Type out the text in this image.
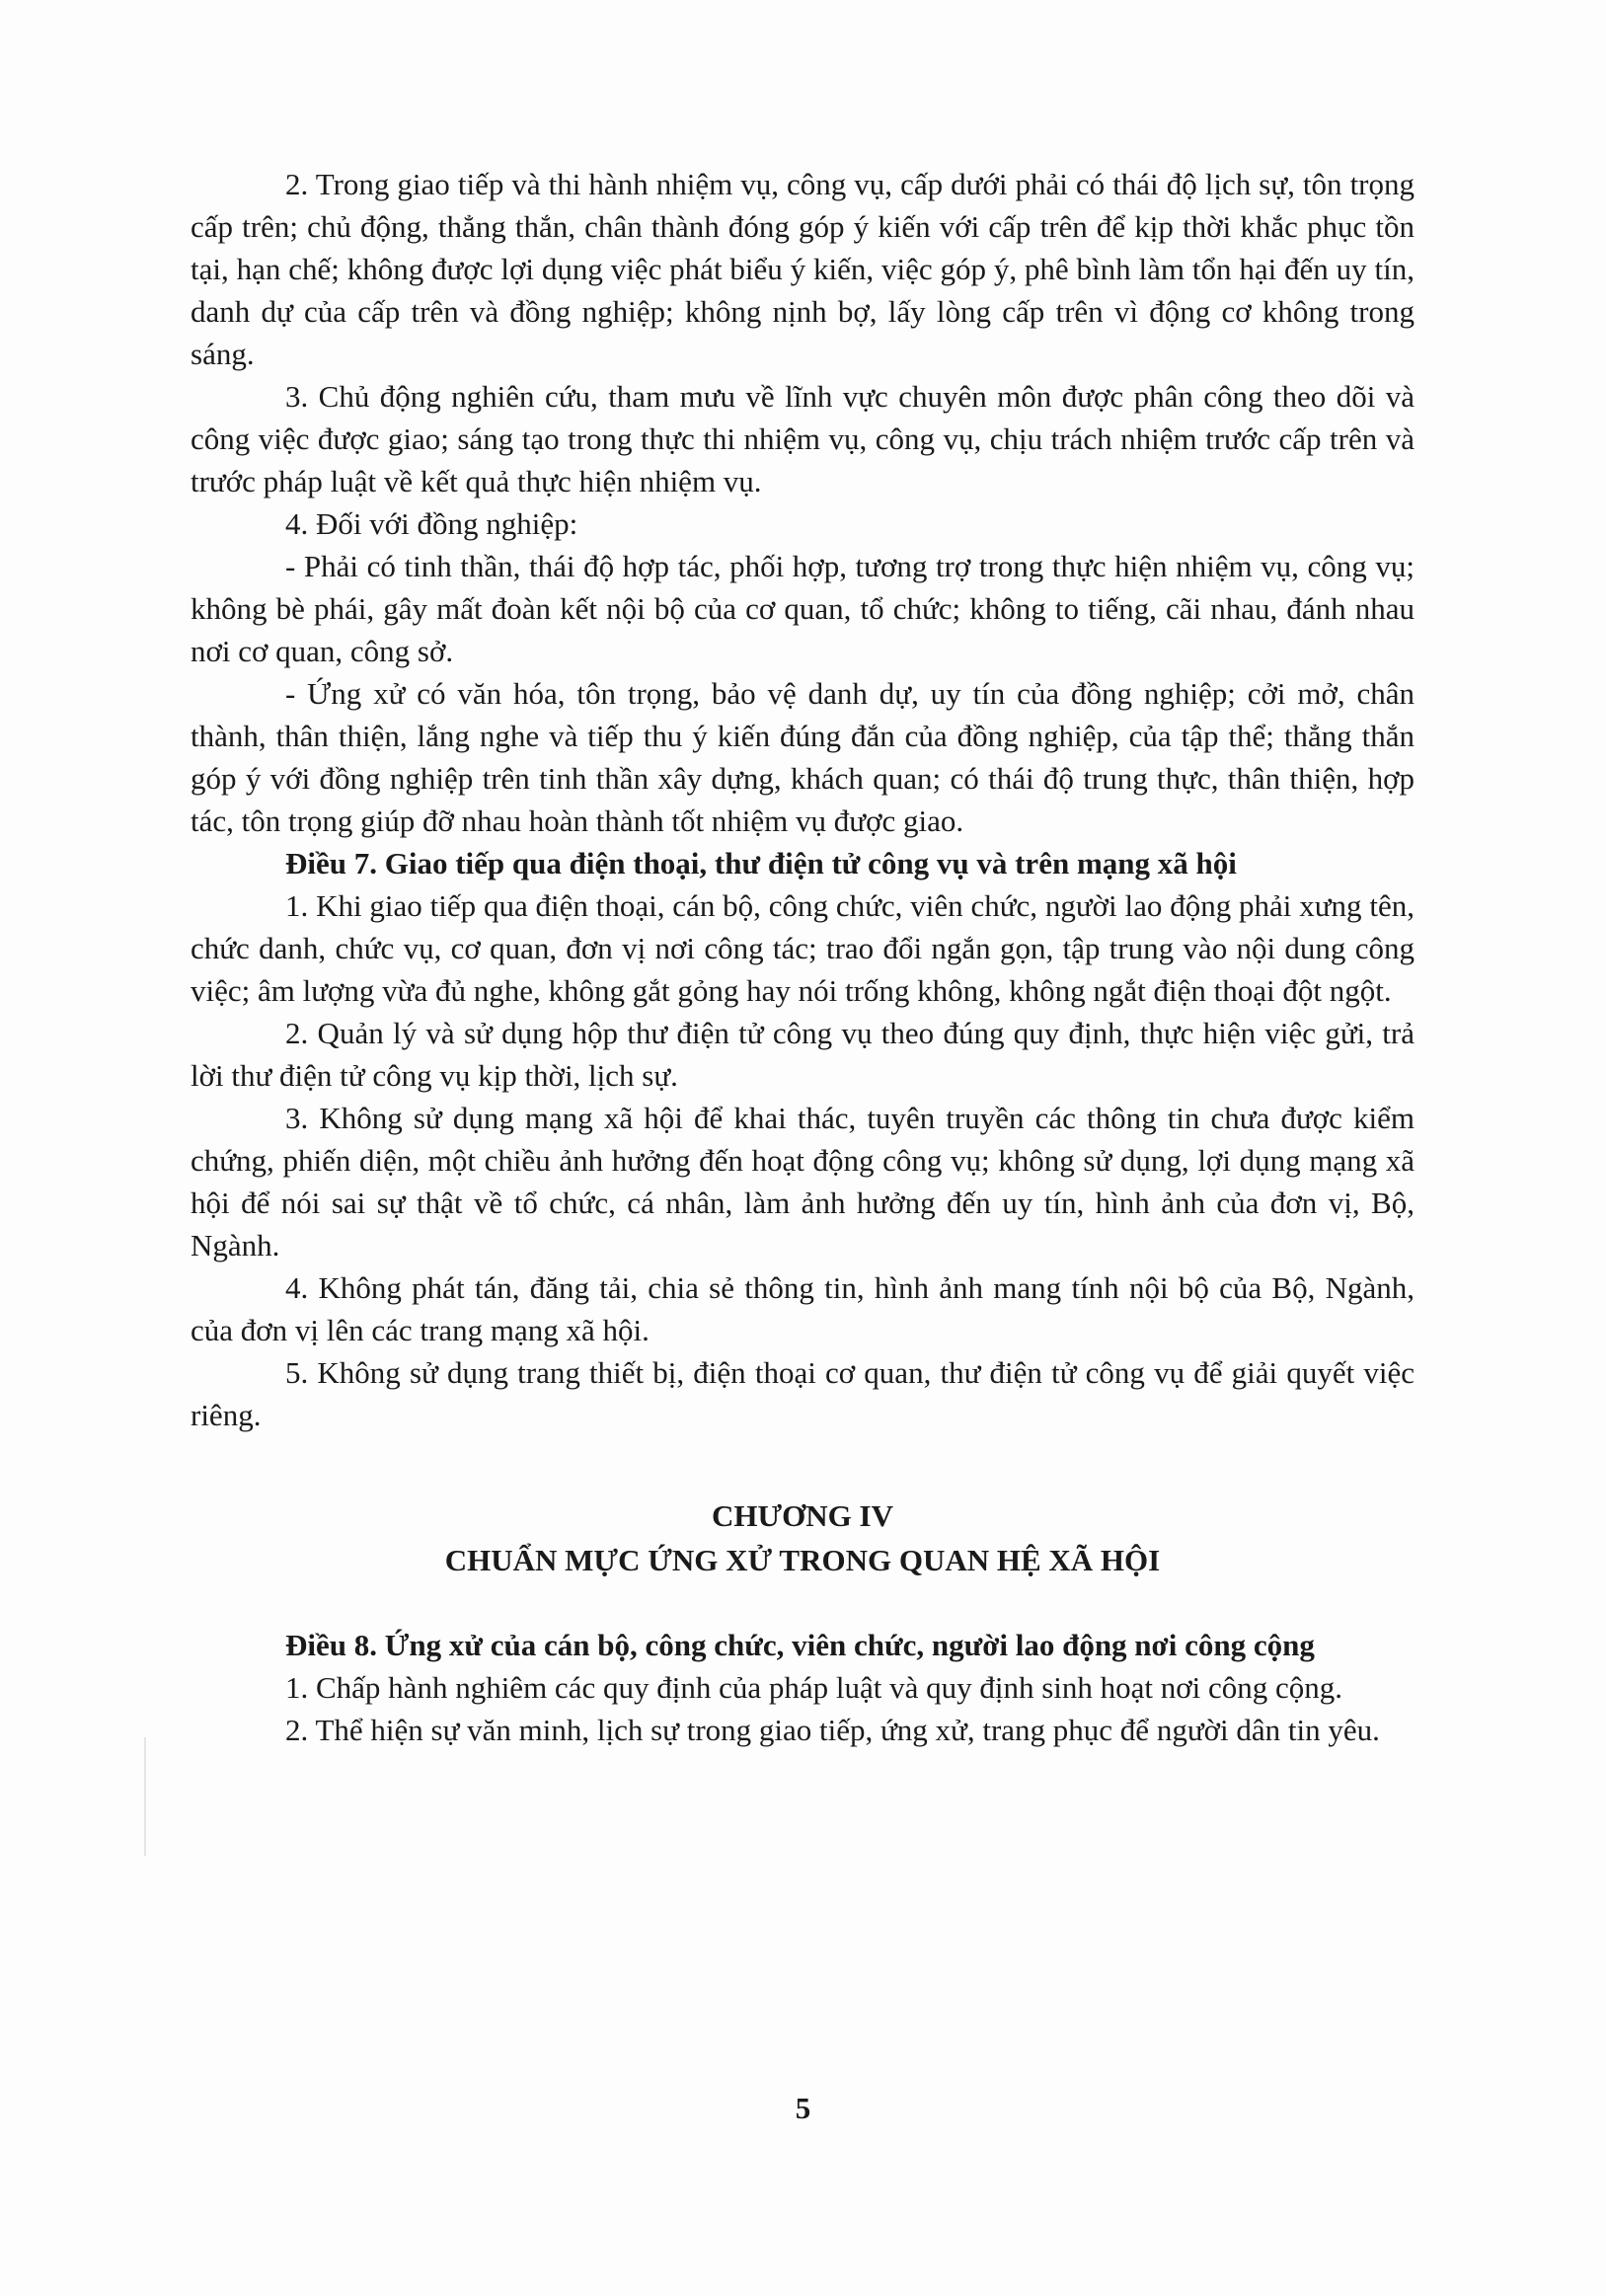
2. Trong giao tiếp và thi hành nhiệm vụ, công vụ, cấp dưới phải có thái độ lịch sự, tôn trọng cấp trên; chủ động, thẳng thắn, chân thành đóng góp ý kiến với cấp trên để kịp thời khắc phục tồn tại, hạn chế; không được lợi dụng việc phát biểu ý kiến, việc góp ý, phê bình làm tổn hại đến uy tín, danh dự của cấp trên và đồng nghiệp; không nịnh bợ, lấy lòng cấp trên vì động cơ không trong sáng.

3. Chủ động nghiên cứu, tham mưu về lĩnh vực chuyên môn được phân công theo dõi và công việc được giao; sáng tạo trong thực thi nhiệm vụ, công vụ, chịu trách nhiệm trước cấp trên và trước pháp luật về kết quả thực hiện nhiệm vụ.

4. Đối với đồng nghiệp:

- Phải có tinh thần, thái độ hợp tác, phối hợp, tương trợ trong thực hiện nhiệm vụ, công vụ; không bè phái, gây mất đoàn kết nội bộ của cơ quan, tổ chức; không to tiếng, cãi nhau, đánh nhau nơi cơ quan, công sở.

- Ứng xử có văn hóa, tôn trọng, bảo vệ danh dự, uy tín của đồng nghiệp; cởi mở, chân thành, thân thiện, lắng nghe và tiếp thu ý kiến đúng đắn của đồng nghiệp, của tập thể; thẳng thắn góp ý với đồng nghiệp trên tinh thần xây dựng, khách quan; có thái độ trung thực, thân thiện, hợp tác, tôn trọng giúp đỡ nhau hoàn thành tốt nhiệm vụ được giao.

Điều 7. Giao tiếp qua điện thoại, thư điện tử công vụ và trên mạng xã hội

1. Khi giao tiếp qua điện thoại, cán bộ, công chức, viên chức, người lao động phải xưng tên, chức danh, chức vụ, cơ quan, đơn vị nơi công tác; trao đổi ngắn gọn, tập trung vào nội dung công việc; âm lượng vừa đủ nghe, không gắt gỏng hay nói trống không, không ngắt điện thoại đột ngột.

2. Quản lý và sử dụng hộp thư điện tử công vụ theo đúng quy định, thực hiện việc gửi, trả lời thư điện tử công vụ kịp thời, lịch sự.

3. Không sử dụng mạng xã hội để khai thác, tuyên truyền các thông tin chưa được kiểm chứng, phiến diện, một chiều ảnh hưởng đến hoạt động công vụ; không sử dụng, lợi dụng mạng xã hội để nói sai sự thật về tổ chức, cá nhân, làm ảnh hưởng đến uy tín, hình ảnh của đơn vị, Bộ, Ngành.

4. Không phát tán, đăng tải, chia sẻ thông tin, hình ảnh mang tính nội bộ của Bộ, Ngành, của đơn vị lên các trang mạng xã hội.

5. Không sử dụng trang thiết bị, điện thoại cơ quan, thư điện tử công vụ để giải quyết việc riêng.

CHƯƠNG IV

CHUẨN MỰC ỨNG XỬ TRONG QUAN HỆ XÃ HỘI

Điều 8. Ứng xử của cán bộ, công chức, viên chức, người lao động nơi công cộng

1. Chấp hành nghiêm các quy định của pháp luật và quy định sinh hoạt nơi công cộng.

2. Thể hiện sự văn minh, lịch sự trong giao tiếp, ứng xử, trang phục để người dân tin yêu.

5
